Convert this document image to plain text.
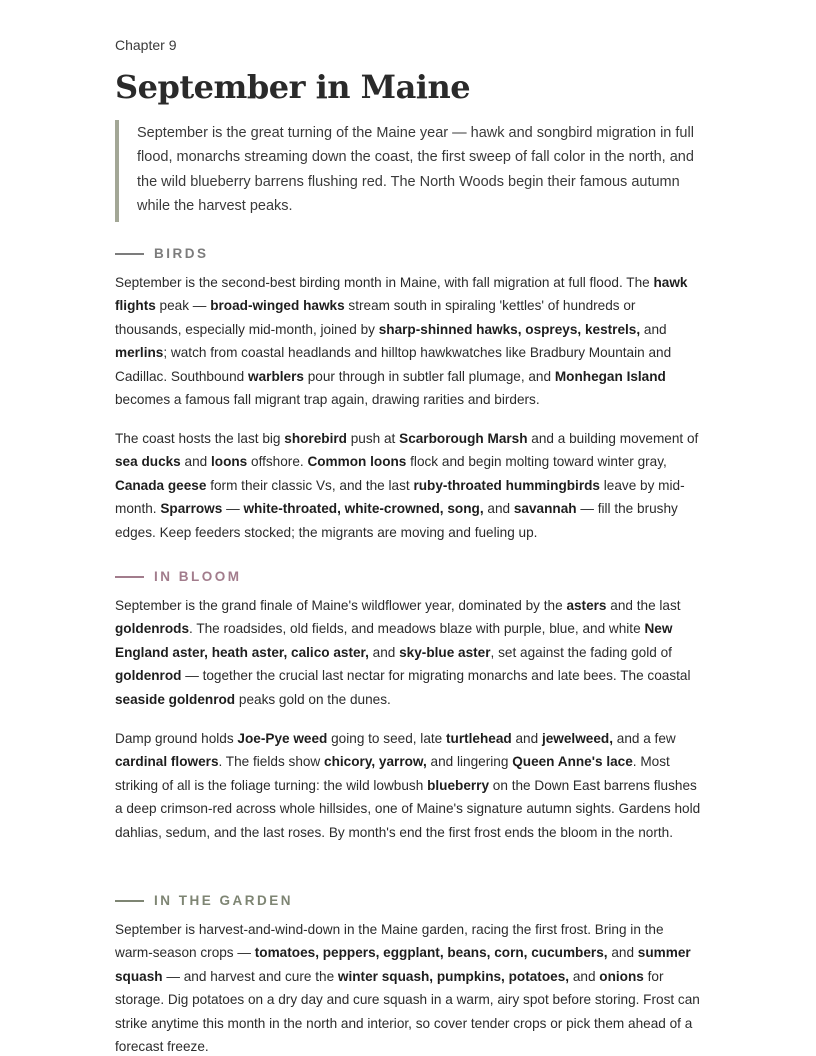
Chapter 9
September in Maine
September is the great turning of the Maine year — hawk and songbird migration in full flood, monarchs streaming down the coast, the first sweep of fall color in the north, and the wild blueberry barrens flushing red. The North Woods begin their famous autumn while the harvest peaks.
BIRDS

September is the second-best birding month in Maine, with fall migration at full flood. The hawk flights peak — broad-winged hawks stream south in spiraling 'kettles' of hundreds or thousands, especially mid-month, joined by sharp-shinned hawks, ospreys, kestrels, and merlins; watch from coastal headlands and hilltop hawkwatches like Bradbury Mountain and Cadillac. Southbound warblers pour through in subtler fall plumage, and Monhegan Island becomes a famous fall migrant trap again, drawing rarities and birders.

The coast hosts the last big shorebird push at Scarborough Marsh and a building movement of sea ducks and loons offshore. Common loons flock and begin molting toward winter gray, Canada geese form their classic Vs, and the last ruby-throated hummingbirds leave by mid-month. Sparrows — white-throated, white-crowned, song, and savannah — fill the brushy edges. Keep feeders stocked; the migrants are moving and fueling up.

IN BLOOM

September is the grand finale of Maine's wildflower year, dominated by the asters and the last goldenrods. The roadsides, old fields, and meadows blaze with purple, blue, and white New England aster, heath aster, calico aster, and sky-blue aster, set against the fading gold of goldenrod — together the crucial last nectar for migrating monarchs and late bees. The coastal seaside goldenrod peaks gold on the dunes.

Damp ground holds Joe-Pye weed going to seed, late turtlehead and jewelweed, and a few cardinal flowers. The fields show chicory, yarrow, and lingering Queen Anne's lace. Most striking of all is the foliage turning: the wild lowbush blueberry on the Down East barrens flushes a deep crimson-red across whole hillsides, one of Maine's signature autumn sights. Gardens hold dahlias, sedum, and the last roses. By month's end the first frost ends the bloom in the north.

IN THE GARDEN

September is harvest-and-wind-down in the Maine garden, racing the first frost. Bring in the warm-season crops — tomatoes, peppers, eggplant, beans, corn, cucumbers, and summer squash — and harvest and cure the winter squash, pumpkins, potatoes, and onions for storage. Dig potatoes on a dry day and cure squash in a warm, airy spot before storing. Frost can strike anytime this month in the north and interior, so cover tender crops or pick them ahead of a forecast freeze.
